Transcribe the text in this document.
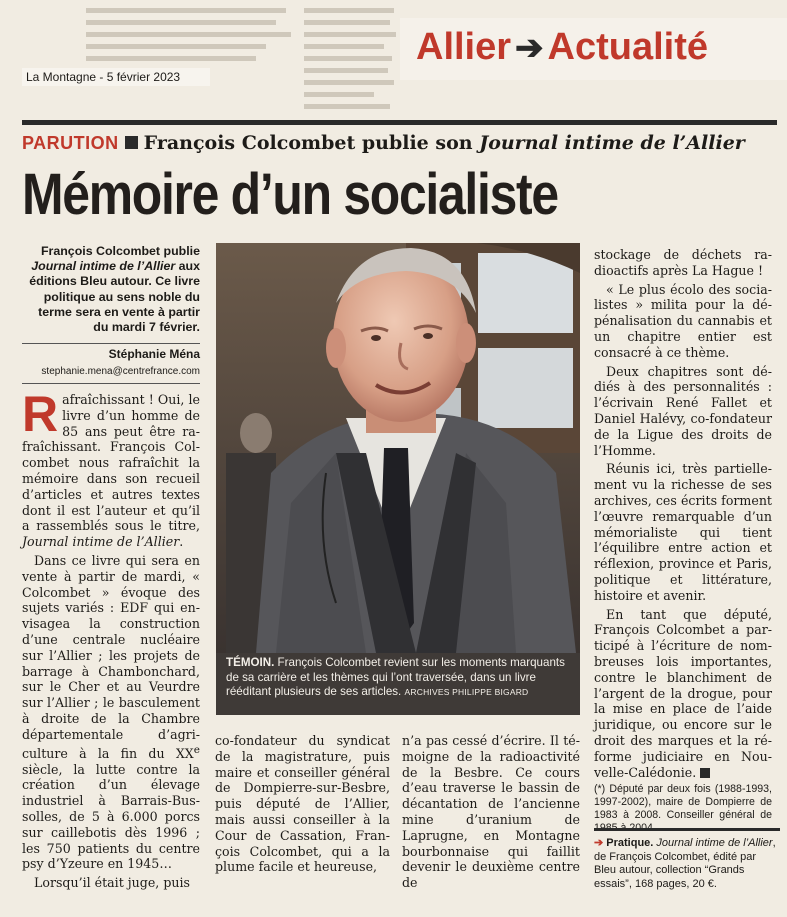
La Montagne - 5 février 2023
Allier ➔ Actualité
PARUTION François Colcombet publie son Journal intime de l’Allier
Mémoire d’un socialiste
François Colcombet publie Journal intime de l’Allier aux éditions Bleu autour. Ce livre politique au sens noble du terme sera en vente à partir du mardi 7 février.
Stéphanie Ména
stephanie.mena@centrefrance.com

Rafraîchissant ! Oui, le livre d’un homme de 85 ans peut être rafraîchissant. François Colcombet nous rafraîchit la mémoire dans son recueil d’articles et autres textes dont il est l’auteur et qu’il a rassemblés sous le titre, Journal intime de l’Allier.

Dans ce livre qui sera en vente à partir de mardi, « Colcombet » évoque des sujets variés : EDF qui envisagea la construction d’une centrale nucléaire sur l’Allier ; les projets de barrage à Chambonchard, sur le Cher et au Veurdre sur l’Allier ; le basculement à droite de la Chambre départementale d’agriculture à la fin du XXe siècle, la lutte contre la création d’un élevage industriel à Barrais-Bussolles, de 5 à 6.000 porcs sur caillebotis dès 1996 ; les 750 patients du centre psy d’Yzeure en 1945…

Lorsqu’il était juge, puis

TÉMOIN. François Colcombet revient sur les moments marquants de sa carrière et les thèmes qui l’ont traversée, dans un livre rééditant plusieurs de ses articles. ARCHIVES PHILIPPE BIGARD

co-fondateur du syndicat de la magistrature, puis maire et conseiller général de Dompierre-sur-Besbre, puis député de l’Allier, mais aussi conseiller à la Cour de Cassation, François Colcombet, qui a la plume facile et heureuse,

n’a pas cessé d’écrire. Il témoigne de la radioactivité de la Besbre. Ce cours d’eau traverse le bassin de décantation de l’ancienne mine d’uranium de Laprugne, en Montagne bourbonnaise qui faillit devenir le deuxième centre de

stockage de déchets radioactifs après La Hague !

« Le plus écolo des socialistes » milita pour la dépénalisation du cannabis et un chapitre entier est consacré à ce thème.

Deux chapitres sont dédiés à des personnalités : l’écrivain René Fallet et Daniel Halévy, co-fondateur de la Ligue des droits de l’Homme.

Réunis ici, très partiellement vu la richesse de ses archives, ces écrits forment l’œuvre remarquable d’un mémorialiste qui tient l’équilibre entre action et réflexion, province et Paris, politique et littérature, histoire et avenir.

En tant que député, François Colcombet a participé à l’écriture de nombreuses lois importantes, contre le blanchiment de l’argent de la drogue, pour la mise en place de l’aide juridique, ou encore sur le droit des marques et la réforme judiciaire en Nouvelle-Calédonie.

(*) Député par deux fois (1988-1993, 1997-2002), maire de Dompierre de 1983 à 2008. Conseiller général de 1985 à 2004.

➔ Pratique. Journal intime de l’Allier, de François Colcombet, édité par Bleu autour, collection “Grands essais”, 168 pages, 20 €.
